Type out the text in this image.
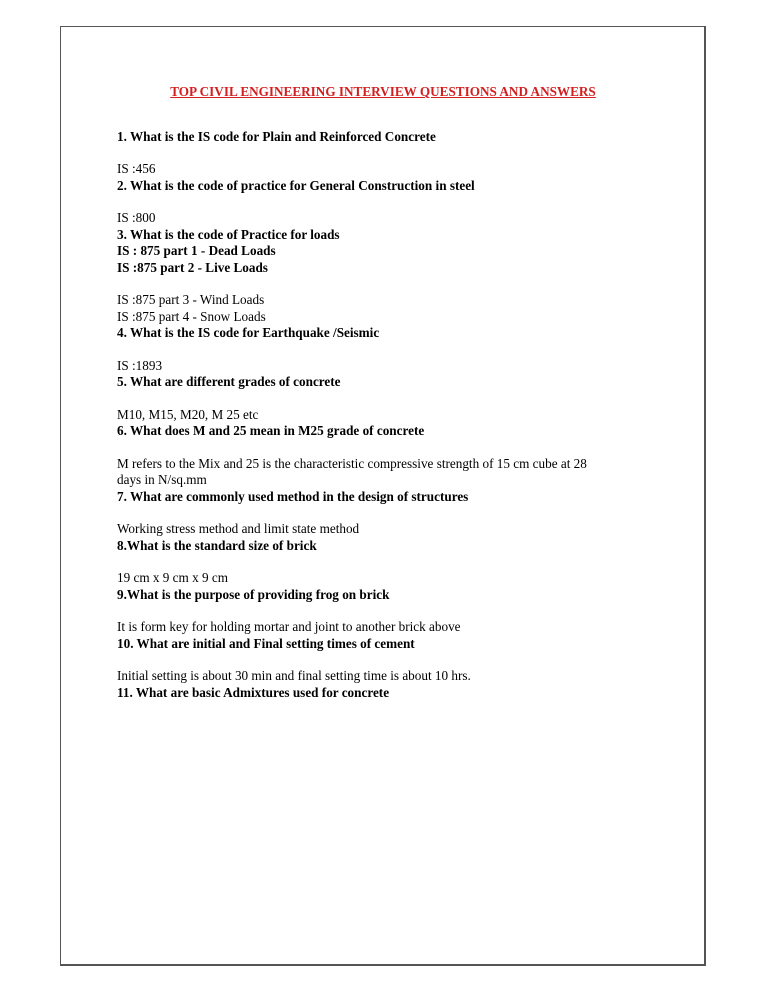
TOP CIVIL ENGINEERING INTERVIEW QUESTIONS AND ANSWERS
1. What is the IS code for Plain and Reinforced Concrete
IS :456
2. What is the code of practice for General Construction in steel
IS :800
3. What is the code of Practice for loads
IS : 875 part 1 - Dead Loads
IS :875 part 2 - Live Loads
IS :875 part 3 - Wind Loads
IS :875 part 4 - Snow Loads
4. What is the IS code for Earthquake /Seismic
IS :1893
5. What are different grades of concrete
M10, M15, M20, M 25 etc
6. What does M and 25 mean in M25 grade of concrete
M refers to the Mix and 25 is the characteristic compressive strength of 15 cm cube at 28
days in N/sq.mm
7. What are commonly used method in the design of structures
Working stress method and limit state method
8.What is the standard size of brick
19 cm x 9 cm x 9 cm
9.What is the purpose of providing frog on brick
It is form key for holding mortar and joint to another brick above
10. What are initial and Final setting times of cement
Initial setting is about 30 min and final setting time is about 10 hrs.
11. What are basic Admixtures used for concrete
